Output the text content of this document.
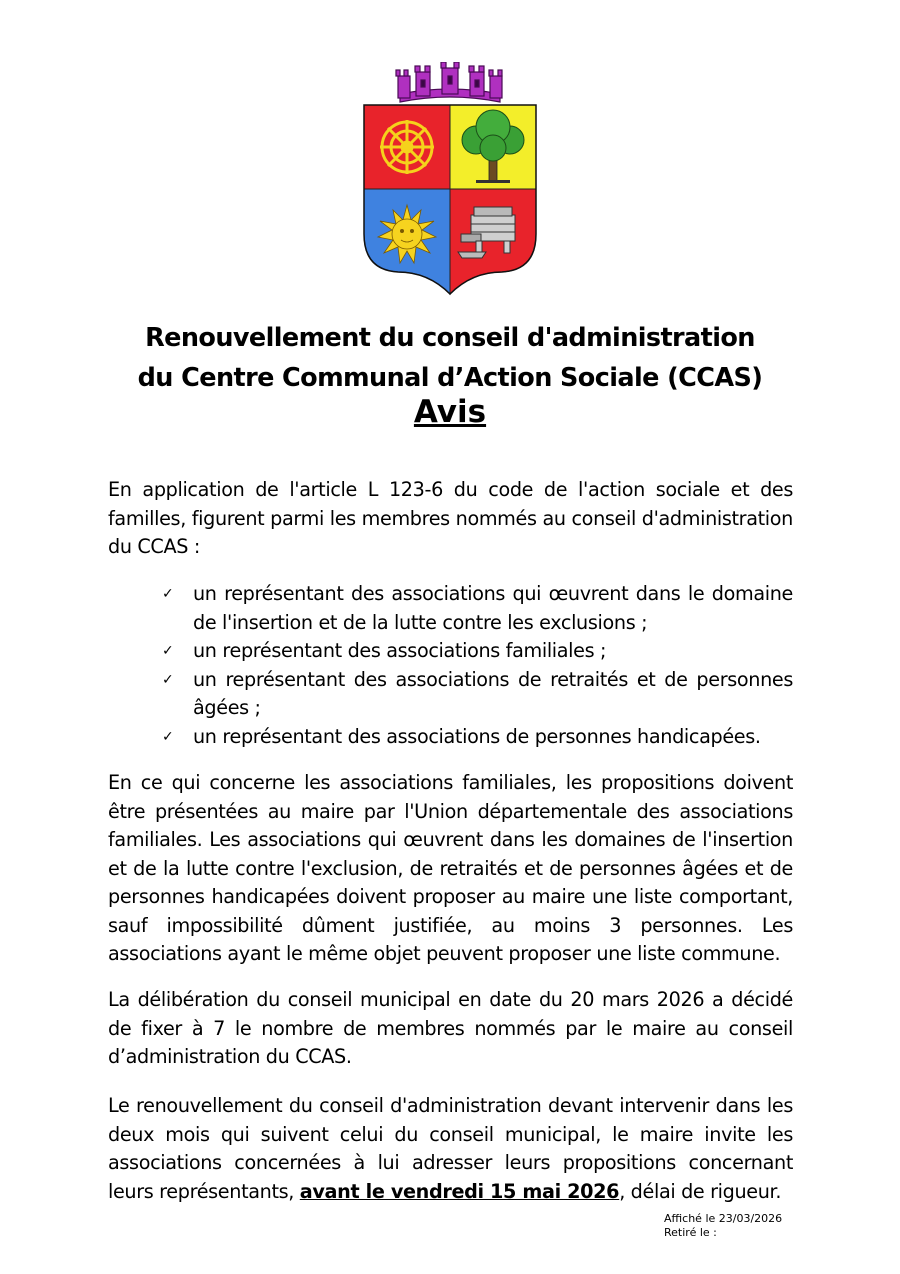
Renouvellement du conseil d'administration
du Centre Communal d’Action Sociale (CCAS)
Avis
En application de l'article L 123-6 du code de l'action sociale et des familles, figurent parmi les membres nommés au conseil d'administration du CCAS :
✓ un représentant des associations qui œuvrent dans le domaine de l'insertion et de la lutte contre les exclusions ;
✓ un représentant des associations familiales ;
✓ un représentant des associations de retraités et de personnes âgées ;
✓ un représentant des associations de personnes handicapées.
En ce qui concerne les associations familiales, les propositions doivent être présentées au maire par l'Union départementale des associations familiales. Les associations qui œuvrent dans les domaines de l'insertion et de la lutte contre l'exclusion, de retraités et de personnes âgées et de personnes handicapées doivent proposer au maire une liste comportant, sauf impossibilité dûment justifiée, au moins 3 personnes. Les associations ayant le même objet peuvent proposer une liste commune.
La délibération du conseil municipal en date du 20 mars 2026 a décidé de fixer à 7 le nombre de membres nommés par le maire au conseil d’administration du CCAS.
Le renouvellement du conseil d'administration devant intervenir dans les deux mois qui suivent celui du conseil municipal, le maire invite les associations concernées à lui adresser leurs propositions concernant leurs représentants, avant le vendredi 15 mai 2026, délai de rigueur.
Affiché le 23/03/2026
Retiré le :
